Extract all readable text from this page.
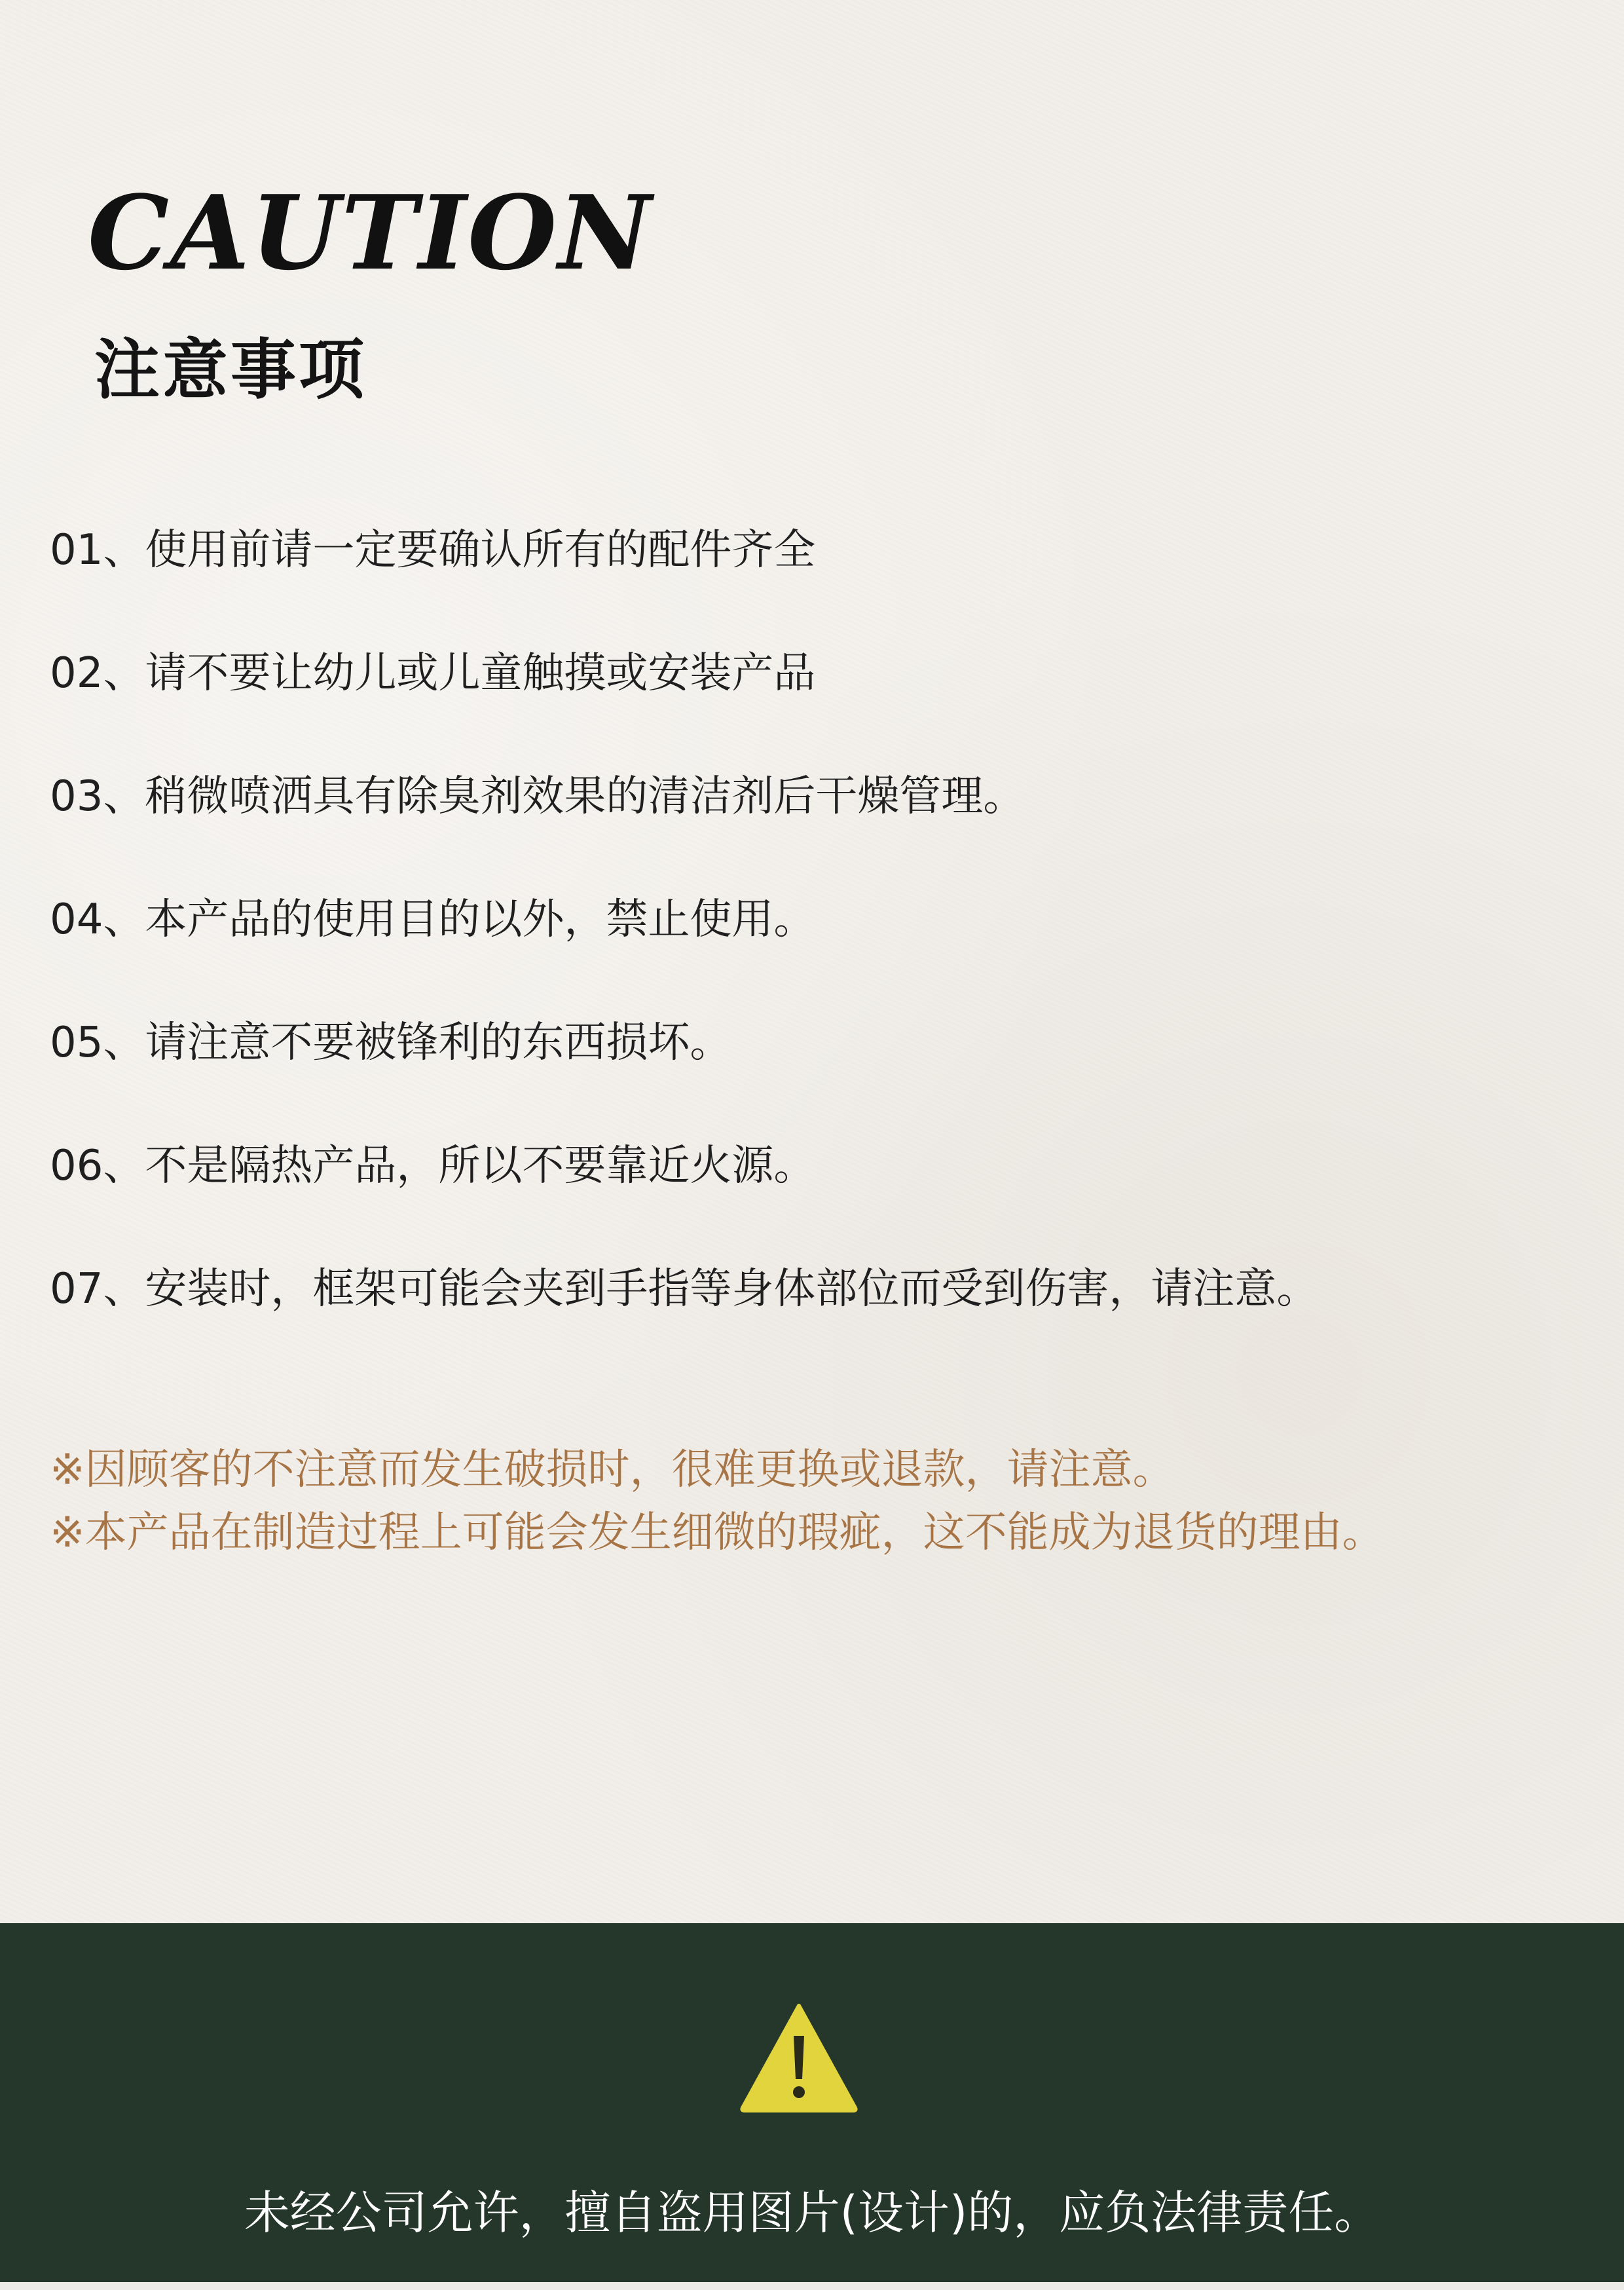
CAUTION
注意事项
01、使用前请一定要确认所有的配件齐全
02、请不要让幼儿或儿童触摸或安装产品
03、稍微喷洒具有除臭剂效果的清洁剂后干燥管理。
04、本产品的使用目的以外，禁止使用。
05、请注意不要被锋利的东西损坏。
06、不是隔热产品，所以不要靠近火源。
07、安装时，框架可能会夹到手指等身体部位而受到伤害，请注意。

※因顾客的不注意而发生破损时，很难更换或退款，请注意。

※本产品在制造过程上可能会发生细微的瑕疵，这不能成为退货的理由。

未经公司允许，擅自盗用图片(设计)的，应负法律责任。
